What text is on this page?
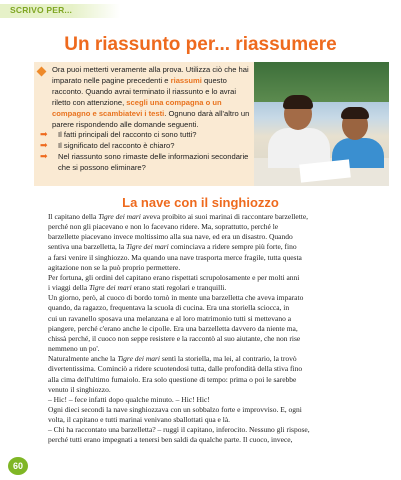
SCRIVO PER...
Un riassunto per... riassumere
Ora puoi metterti veramente alla prova. Utilizza ciò che hai imparato nelle pagine precedenti e riassumi questo racconto. Quando avrai terminato il riassunto e lo avrai riletto con attenzione, scegli una compagna o un compagno e scambiatevi i testi. Ognuno darà all'altro un parere rispondendo alle domande seguenti.
➡ Il fatti principali del racconto ci sono tutti?
➡ Il significato del racconto è chiaro?
➡ Nel riassunto sono rimaste delle informazioni secondarie che si possono eliminare?
La nave con il singhiozzo

Il capitano della Tigre dei mari aveva proibito ai suoi marinai di raccontare barzellette,

perché non gli piacevano e non lo facevano ridere. Ma, soprattutto, perché le

barzellette piacevano invece moltissimo alla sua nave, ed era un disastro. Quando

sentiva una barzelletta, la Tigre dei mari cominciava a ridere sempre più forte, fino

a farsi venire il singhiozzo. Ma quando una nave trasporta merce fragile, tutta questa

agitazione non se la può proprio permettere.

Per fortuna, gli ordini del capitano erano rispettati scrupolosamente e per molti anni

i viaggi della Tigre dei mari erano stati regolari e tranquilli.

Un giorno, però, al cuoco di bordo tornò in mente una barzelletta che aveva imparato

quando, da ragazzo, frequentava la scuola di cucina. Era una storiella sciocca, in

cui un ravanello sposava una melanzana e al loro matrimonio tutti si mettevano a

piangere, perché c'erano anche le cipolle. Era una barzelletta davvero da niente ma,

chissà perché, il cuoco non seppe resistere e la raccontò al suo aiutante, che non rise

nemmeno un po'.

Naturalmente anche la Tigre dei mari sentì la storiella, ma lei, al contrario, la trovò

divertentissima. Cominciò a ridere scuotendosi tutta, dalle profondità della stiva fino

alla cima dell'ultimo fumaiolo. Era solo questione di tempo: prima o poi le sarebbe

venuto il singhiozzo.

– Hic! – fece infatti dopo qualche minuto. – Hic! Hic!

Ogni dieci secondi la nave singhiozzava con un sobbalzo forte e improvviso. E, ogni

volta, il capitano e tutti marinai venivano sballottati qua e là.

– Chi ha raccontato una barzelletta? – ruggì il capitano, inferocito. Nessuno gli rispose,

perché tutti erano impegnati a tenersi ben saldi da qualche parte. Il cuoco, invece,

60
